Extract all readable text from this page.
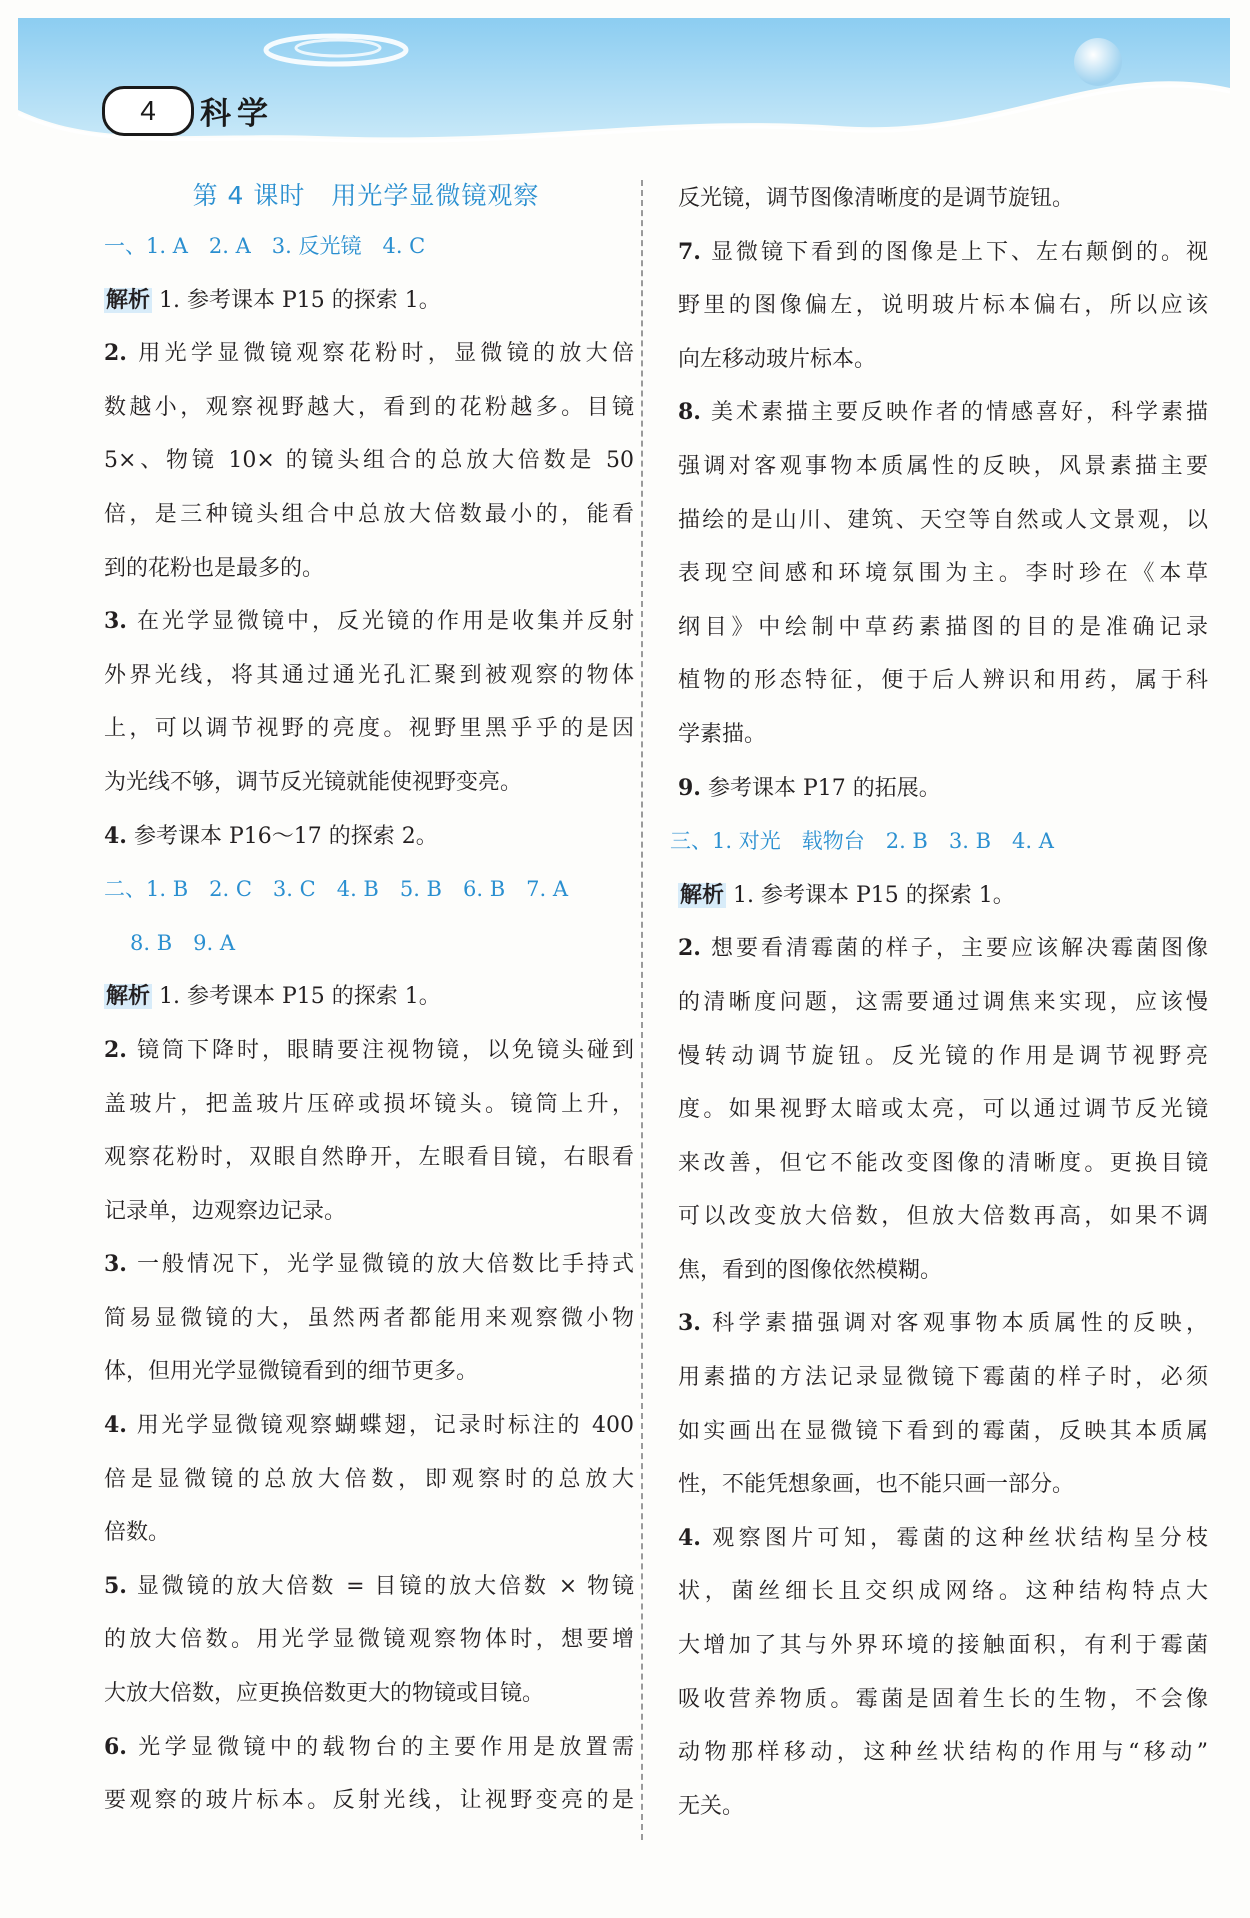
4	科学
第 4 课时　用光学显微镜观察
一、1. A　2. A　3. 反光镜　4. C
解析 1. 参考课本 P15 的探索 1。
2. 用光学显微镜观察花粉时，显微镜的放大倍
数越小，观察视野越大，看到的花粉越多。目镜
5×、物镜 10× 的镜头组合的总放大倍数是 50
倍，是三种镜头组合中总放大倍数最小的，能看
到的花粉也是最多的。
3. 在光学显微镜中，反光镜的作用是收集并反射
外界光线，将其通过通光孔汇聚到被观察的物体
上，可以调节视野的亮度。视野里黑乎乎的是因
为光线不够，调节反光镜就能使视野变亮。
4. 参考课本 P16～17 的探索 2。
二、1. B　2. C　3. C　4. B　5. B　6. B　7. A
8. B　9. A
解析 1. 参考课本 P15 的探索 1。
2. 镜筒下降时，眼睛要注视物镜，以免镜头碰到
盖玻片，把盖玻片压碎或损坏镜头。镜筒上升，
观察花粉时，双眼自然睁开，左眼看目镜，右眼看
记录单，边观察边记录。
3. 一般情况下，光学显微镜的放大倍数比手持式
简易显微镜的大，虽然两者都能用来观察微小物
体，但用光学显微镜看到的细节更多。
4. 用光学显微镜观察蝴蝶翅，记录时标注的 400
倍是显微镜的总放大倍数，即观察时的总放大
倍数。
5. 显微镜的放大倍数 = 目镜的放大倍数 × 物镜
的放大倍数。用光学显微镜观察物体时，想要增
大放大倍数，应更换倍数更大的物镜或目镜。
6. 光学显微镜中的载物台的主要作用是放置需
要观察的玻片标本。反射光线，让视野变亮的是
反光镜，调节图像清晰度的是调节旋钮。
7. 显微镜下看到的图像是上下、左右颠倒的。视
野里的图像偏左，说明玻片标本偏右，所以应该
向左移动玻片标本。
8. 美术素描主要反映作者的情感喜好，科学素描
强调对客观事物本质属性的反映，风景素描主要
描绘的是山川、建筑、天空等自然或人文景观，以
表现空间感和环境氛围为主。李时珍在《本草
纲目》中绘制中草药素描图的目的是准确记录
植物的形态特征，便于后人辨识和用药，属于科
学素描。
9. 参考课本 P17 的拓展。
三、1. 对光　载物台　2. B　3. B　4. A
解析 1. 参考课本 P15 的探索 1。
2. 想要看清霉菌的样子，主要应该解决霉菌图像
的清晰度问题，这需要通过调焦来实现，应该慢
慢转动调节旋钮。反光镜的作用是调节视野亮
度。如果视野太暗或太亮，可以通过调节反光镜
来改善，但它不能改变图像的清晰度。更换目镜
可以改变放大倍数，但放大倍数再高，如果不调
焦，看到的图像依然模糊。
3. 科学素描强调对客观事物本质属性的反映，
用素描的方法记录显微镜下霉菌的样子时，必须
如实画出在显微镜下看到的霉菌，反映其本质属
性，不能凭想象画，也不能只画一部分。
4. 观察图片可知，霉菌的这种丝状结构呈分枝
状，菌丝细长且交织成网络。这种结构特点大
大增加了其与外界环境的接触面积，有利于霉菌
吸收营养物质。霉菌是固着生长的生物，不会像
动物那样移动，这种丝状结构的作用与“移动”
无关。
